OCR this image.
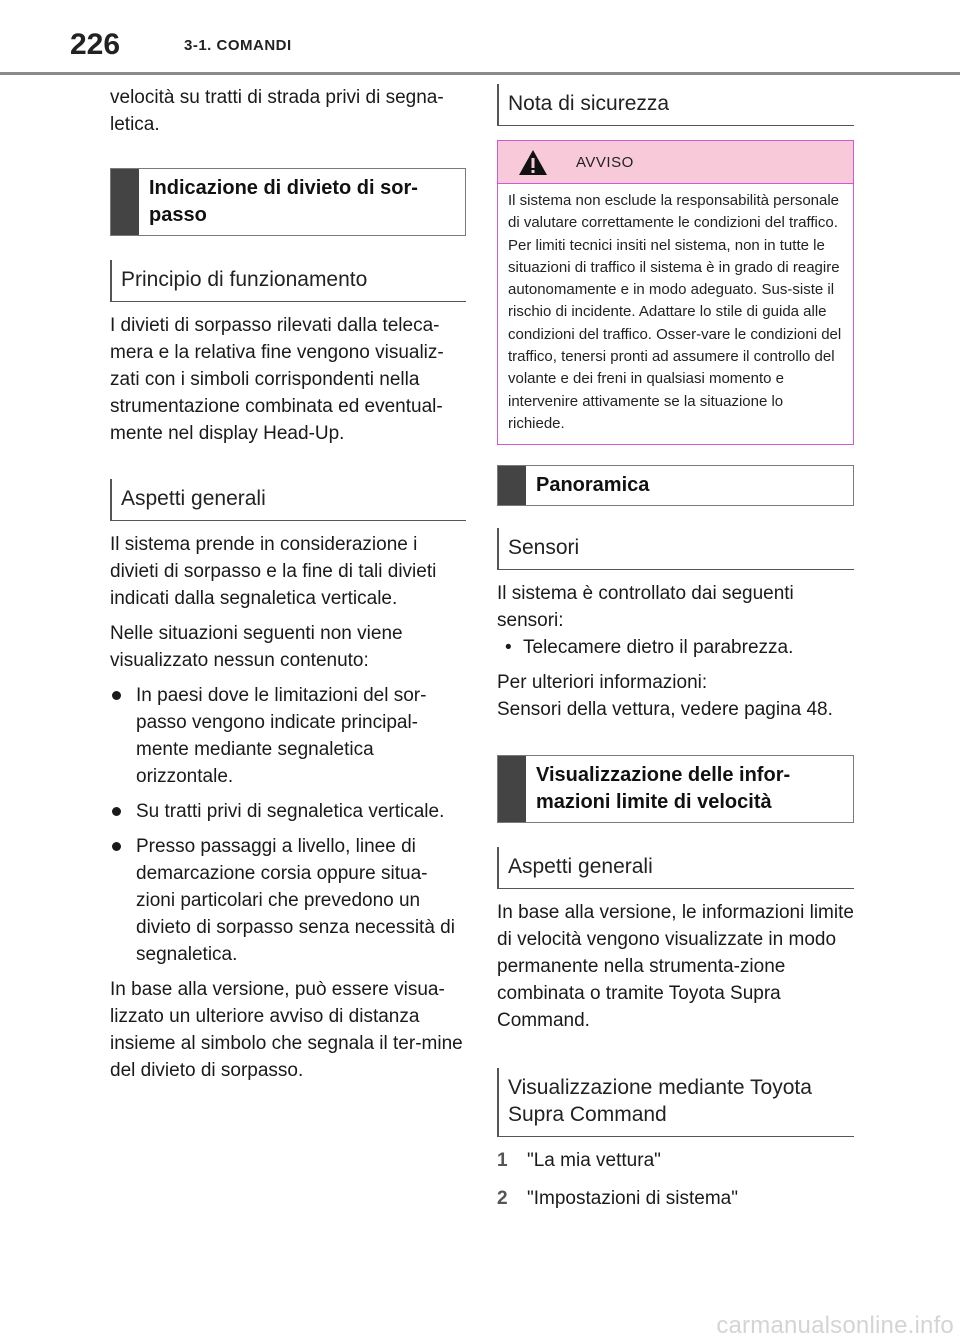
226	3-1. COMANDI

velocità su tratti di strada privi di segna-letica.

Indicazione di divieto di sor-passo
Principio di funzionamento

I divieti di sorpasso rilevati dalla teleca-mera e la relativa fine vengono visualiz-zati con i simboli corrispondenti nella strumentazione combinata ed eventual-mente nel display Head-Up.

Aspetti generali

Il sistema prende in considerazione i divieti di sorpasso e la fine di tali divieti indicati dalla segnaletica verticale.

Nelle situazioni seguenti non viene visualizzato nessun contenuto:

In paesi dove le limitazioni del sor-passo vengono indicate principal-mente mediante segnaletica orizzontale.
Su tratti privi di segnaletica verticale.
Presso passaggi a livello, linee di demarcazione corsia oppure situa-zioni particolari che prevedono un divieto di sorpasso senza necessità di segnaletica.

In base alla versione, può essere visua-lizzato un ulteriore avviso di distanza insieme al simbolo che segnala il ter-mine del divieto di sorpasso.

Nota di sicurezza
AVVISO
Il sistema non esclude la responsabilità personale di valutare correttamente le condizioni del traffico. Per limiti tecnici insiti nel sistema, non in tutte le situazioni di traffico il sistema è in grado di reagire autonomamente e in modo adeguato. Sus-siste il rischio di incidente. Adattare lo stile di guida alle condizioni del traffico. Osser-vare le condizioni del traffico, tenersi pronti ad assumere il controllo del volante e dei freni in qualsiasi momento e intervenire attivamente se la situazione lo richiede.
Panoramica
Sensori

Il sistema è controllato dai seguenti sensori:

• Telecamere dietro il parabrezza.

Per ulteriori informazioni:

Sensori della vettura, vedere pagina 48.

Visualizzazione delle infor-mazioni limite di velocità
Aspetti generali

In base alla versione, le informazioni limite di velocità vengono visualizzate in modo permanente nella strumenta-zione combinata o tramite Toyota Supra Command.

Visualizzazione mediante Toyota Supra Command
1 "La mia vettura"
2 "Impostazioni di sistema"
carmanualsonline.info
